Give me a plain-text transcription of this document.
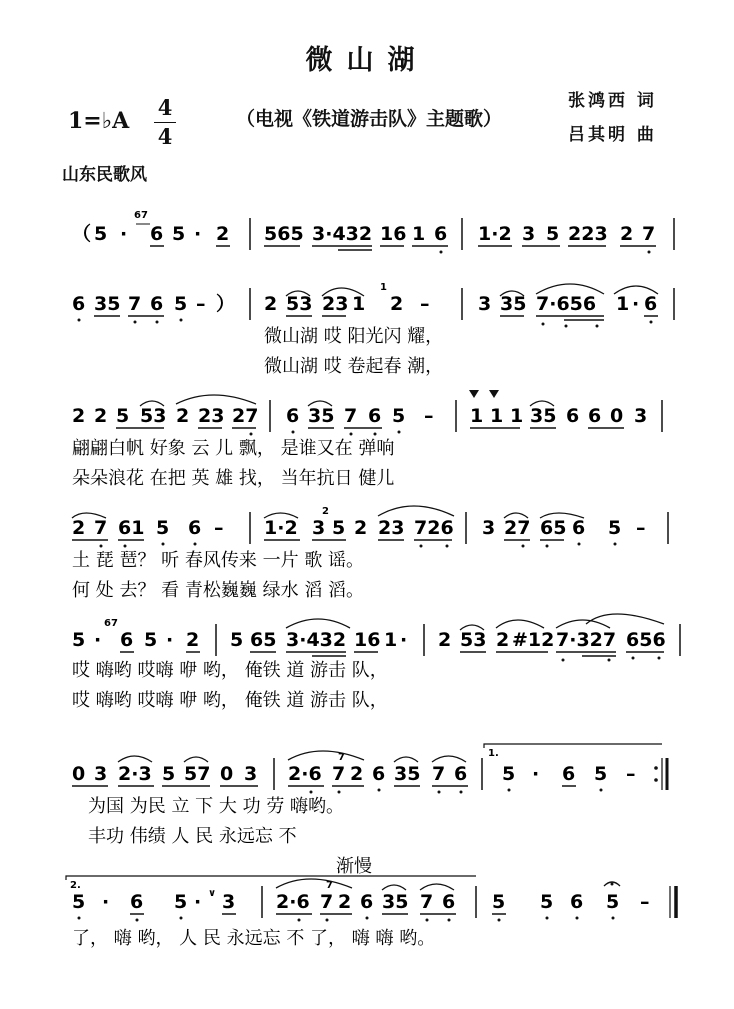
微山湖
1=♭A
4
4
（电视《铁道游击队》主题歌）
张鸿西 词
吕其明 曲
山东民歌风
（ 5 ·
67
6 5 · 2 565 3·432 16 1 6 1·2 3 5 223 2 7
6 35 7 6 5 – ） 2 53 23 1
1
2 –	3 35 7·656 1 · 6
微山湖 哎 阳光闪 耀，
微山湖 哎 卷起春 潮，
2 2 5 53 2 23 27 6 35 7 6 5 – 1 1 1 35 6 6 0 3
翩翩白帆 好象 云 儿 飘， 是谁又在 弹响
朵朵浪花 在把 英 雄 找， 当年抗日 健儿
2 7 61 5 6 – 1·2
2
3 5 2 23 726 3 27 65 6 5 –
土 琵 琶？ 听 春风传来 一片 歌 谣。
何 处 去？ 看 青松巍巍 绿水 滔 滔。
5 ·
67
6 5 · 2 5 65 3·432 16 1 · 2 53 2 #12 7·327 656
哎 嗨哟 哎嗨 咿 哟， 俺铁 道 游击 队，
哎 嗨哟 哎嗨 咿 哟， 俺铁 道 游击 队，
0 3 2·3 5 57 0 3 2·6
7
7 2 6 35 7 6
1.
5 · 6 5 –
为国 为民 立 下 大 功 劳 嗨哟。
丰功 伟绩 人 民 永远忘 不
2.
渐慢
5 · 6 5 · ∨ 3 2·6
7
7 2 6 35 7 6 5 5 6 5 –
了， 嗨 哟， 人 民 永远忘 不 了， 嗨 嗨 哟。
